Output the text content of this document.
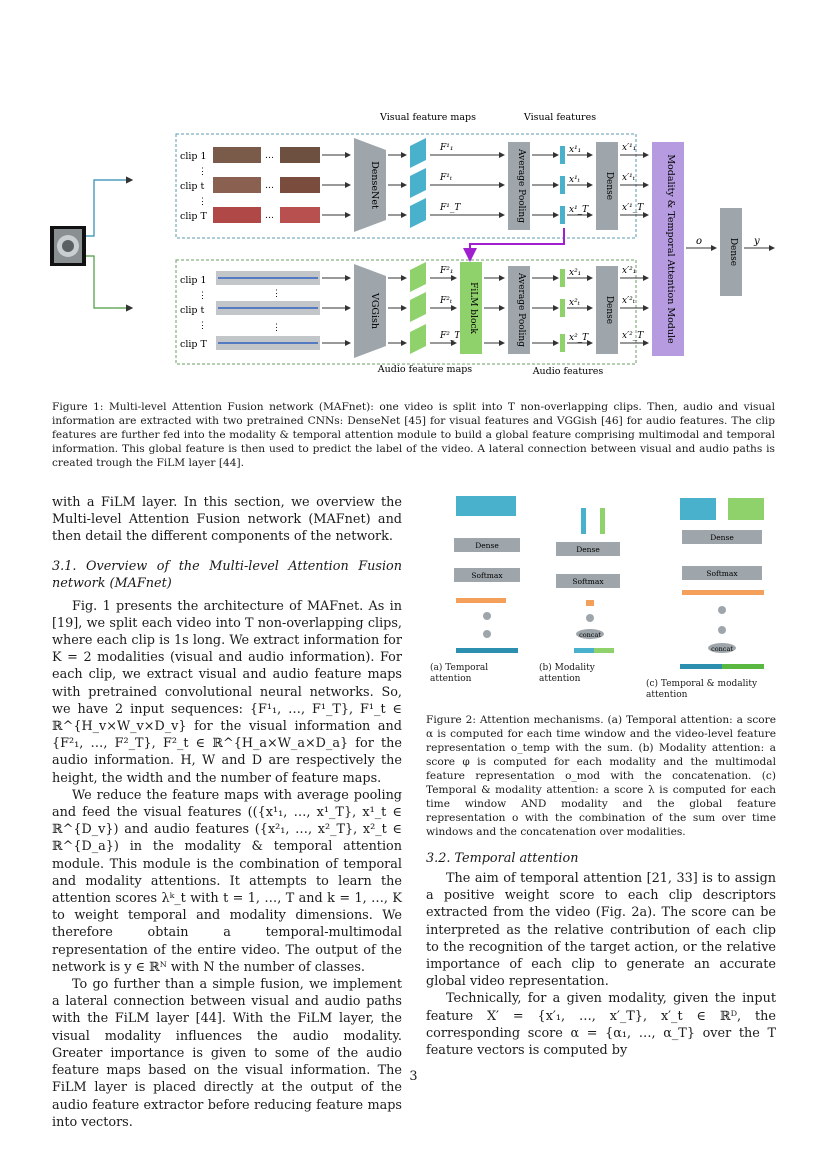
Visual feature maps	Visual features
clip 1
⋮
clip t
⋮
clip T
…
…
…
DenseNet
F¹₁
F¹ₜ
F¹_T	Average Pooling	x¹₁
x¹ₜ
x¹_T
Dense
x′¹₁
x′¹ₜ
x′¹_T
clip 1
⋮
clip t
⋮
clip T
⋮
⋮	VGGish
F²₁
F²ₜ
F²_T
FiLM block	Average Pooling	x²₁
x²ₜ
x²_T
Dense
x′²₁
x′²ₜ
x′²_T Modality & Temporal Attention Module o	Dense y
Audio feature maps	Audio features
Figure 1: Multi-level Attention Fusion network (MAFnet): one video is split into T non-overlapping clips. Then, audio and visual information are extracted with two pretrained CNNs: DenseNet [45] for visual features and VGGish [46] for audio features. The clip features are further fed into the modality & temporal attention module to build a global feature comprising multimodal and temporal information. This global feature is then used to predict the label of the video. A lateral connection between visual and audio paths is created trough the FiLM layer [44].

with a FiLM layer. In this section, we overview the Multi-level Attention Fusion network (MAFnet) and then detail the different components of the network.

3.1. Overview of the Multi-level Attention Fusion network (MAFnet)

Fig. 1 presents the architecture of MAFnet. As in [19], we split each video into T non-overlapping clips, where each clip is 1s long. We extract information for K = 2 modalities (visual and audio information). For each clip, we extract visual and audio feature maps with pretrained convolutional neural networks. So, we have 2 input sequences: {F¹₁, …, F¹_T}, F¹_t ∈ ℝ^{H_v×W_v×D_v} for the visual information and {F²₁, …, F²_T}, F²_t ∈ ℝ^{H_a×W_a×D_a} for the audio information. H, W and D are respectively the height, the width and the number of feature maps.

We reduce the feature maps with average pooling and feed the visual features (({x¹₁, …, x¹_T}, x¹_t ∈ ℝ^{D_v}) and audio features ({x²₁, …, x²_T}, x²_t ∈ ℝ^{D_a}) in the modality & temporal attention module. This module is the combination of temporal and modality attentions. It attempts to learn the attention scores λᵏ_t with t = 1, …, T and k = 1, …, K to weight temporal and modality dimensions. We therefore obtain a temporal-multimodal representation of the entire video. The output of the network is y ∈ ℝᴺ with N the number of classes.

To go further than a simple fusion, we implement a lateral connection between visual and audio paths with the FiLM layer [44]. With the FiLM layer, the visual modality influences the audio modality. Greater importance is given to some of the audio feature maps based on the visual information. The FiLM layer is placed directly at the output of the audio feature extractor before reducing feature maps into vectors.

Dense
Softmax
Dense
Softmax
concat
Dense
Softmax
concat
(a) Temporal attention
(b) Modality attention	(c) Temporal & modality attention
Figure 2: Attention mechanisms. (a) Temporal attention: a score α is computed for each time window and the video-level feature representation o_temp with the sum. (b) Modality attention: a score φ is computed for each modality and the multimodal feature representation o_mod with the concatenation. (c) Temporal & modality attention: a score λ is computed for each time window AND modality and the global feature representation o with the combination of the sum over time windows and the concatenation over modalities.
3.2. Temporal attention

The aim of temporal attention [21, 33] is to assign a positive weight score to each clip descriptors extracted from the video (Fig. 2a). The score can be interpreted as the relative contribution of each clip to the recognition of the target action, or the relative importance of each clip to generate an accurate global video representation.

Technically, for a given modality, given the input feature X′ = {x′₁, …, x′_T}, x′_t ∈ ℝᴰ, the corresponding score α = {α₁, …, α_T} over the T feature vectors is computed by

3
